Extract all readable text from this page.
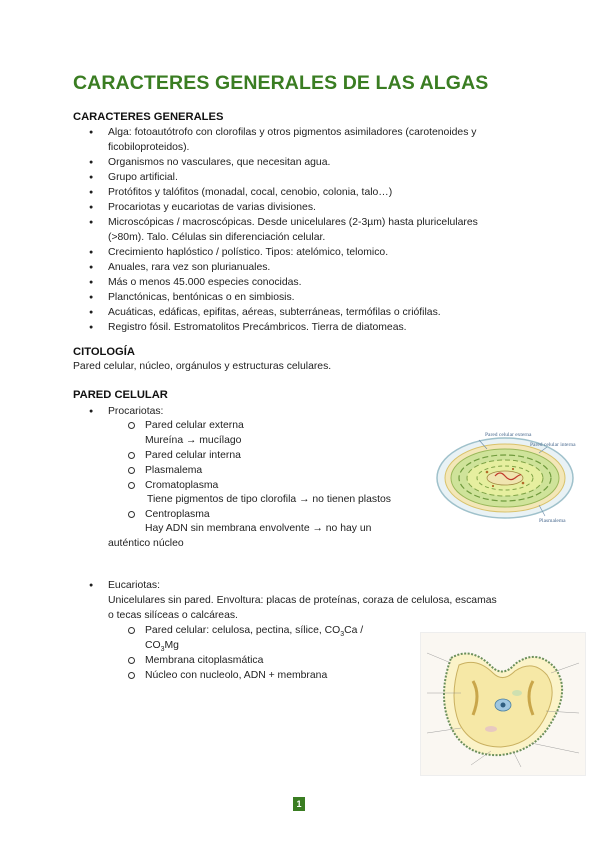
CARACTERES GENERALES DE LAS ALGAS
CARACTERES GENERALES
● Alga: fotoautótrofo con clorofilas y otros pigmentos asimiladores (carotenoides y ficobiloproteidos).
● Organismos no vasculares, que necesitan agua.
● Grupo artificial.
● Protófitos y talófitos (monadal, cocal, cenobio, colonia, talo…)
● Procariotas y eucariotas de varias divisiones.
● Microscópicas / macroscópicas. Desde unicelulares (2-3µm) hasta pluricelulares (>80m). Talo. Células sin diferenciación celular.
● Crecimiento haplóstico / polístico. Tipos: atelómico, telomico.
● Anuales, rara vez son plurianuales.
● Más o menos 45.000 especies conocidas.
● Planctónicas, bentónicas o en simbiosis.
● Acuáticas, edáficas, epifitas, aéreas, subterráneas, termófilas o criófilas.
● Registro fósil. Estromatolitos Precámbricos. Tierra de diatomeas.
CITOLOGÍA
Pared celular, núcleo, orgánulos y estructuras celulares.
PARED CELULAR
● Procariotas:
Pared celular externa
Mureína → mucílago
Pared celular interna
Plasmalema
Cromatoplasma
Tiene pigmentos de tipo clorofila → no tienen plastos
Centroplasma
Hay ADN sin membrana envolvente → no hay un
auténtico núcleo
Pared celular externa
Pared celular interna
Plasmalema
● Eucariotas:
Unicelulares sin pared. Envoltura: placas de proteínas, coraza de celulosa, escamas
o tecas silíceas o calcáreas.
Pared celular: celulosa, pectina, sílice, $CO_3Ca$ /
$CO_3Mg$
Membrana citoplasmática
Núcleo con nucleolo, ADN + membrana
1
